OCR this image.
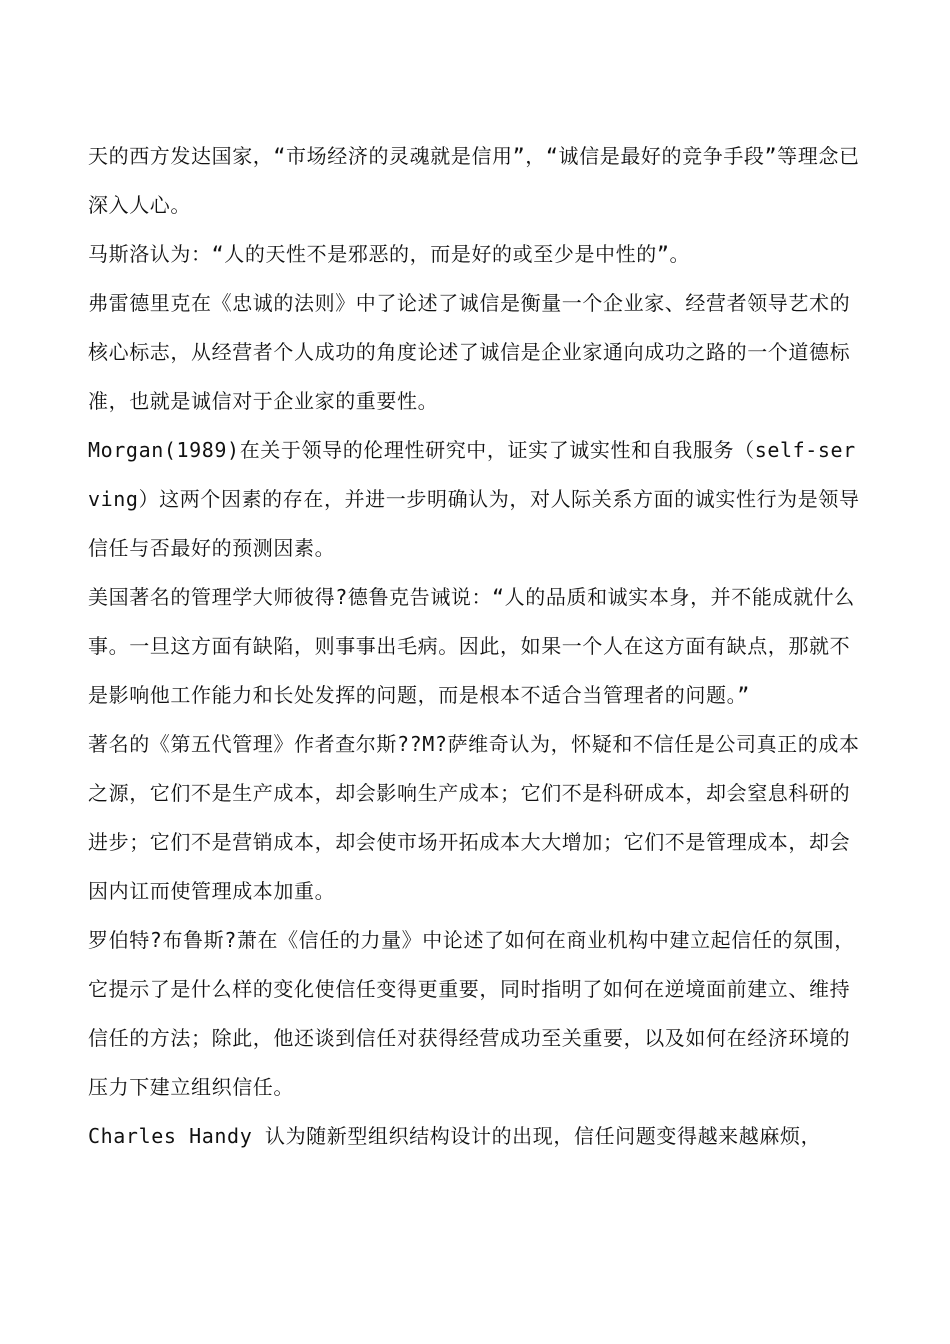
天的西方发达国家，“市场经济的灵魂就是信用”，“诚信是最好的竞争手段”等理念已深入人心。

马斯洛认为：“人的天性不是邪恶的，而是好的或至少是中性的”。

弗雷德里克在《忠诚的法则》中了论述了诚信是衡量一个企业家、经营者领导艺术的核心标志，从经营者个人成功的角度论述了诚信是企业家通向成功之路的一个道德标准，也就是诚信对于企业家的重要性。

Morgan(1989)在关于领导的伦理性研究中，证实了诚实性和自我服务（self-serving）这两个因素的存在，并进一步明确认为，对人际关系方面的诚实性行为是领导信任与否最好的预测因素。

美国著名的管理学大师彼得?德鲁克告诫说：“人的品质和诚实本身，并不能成就什么事。一旦这方面有缺陷，则事事出毛病。因此，如果一个人在这方面有缺点，那就不是影响他工作能力和长处发挥的问题，而是根本不适合当管理者的问题。”

著名的《第五代管理》作者查尔斯??M?萨维奇认为，怀疑和不信任是公司真正的成本之源，它们不是生产成本，却会影响生产成本；它们不是科研成本，却会窒息科研的进步；它们不是营销成本，却会使市场开拓成本大大增加；它们不是管理成本，却会因内讧而使管理成本加重。

罗伯特?布鲁斯?萧在《信任的力量》中论述了如何在商业机构中建立起信任的氛围，它提示了是什么样的变化使信任变得更重要，同时指明了如何在逆境面前建立、维持信任的方法；除此，他还谈到信任对获得经营成功至关重要，以及如何在经济环境的压力下建立组织信任。

Charles Handy 认为随新型组织结构设计的出现，信任问题变得越来越麻烦，
